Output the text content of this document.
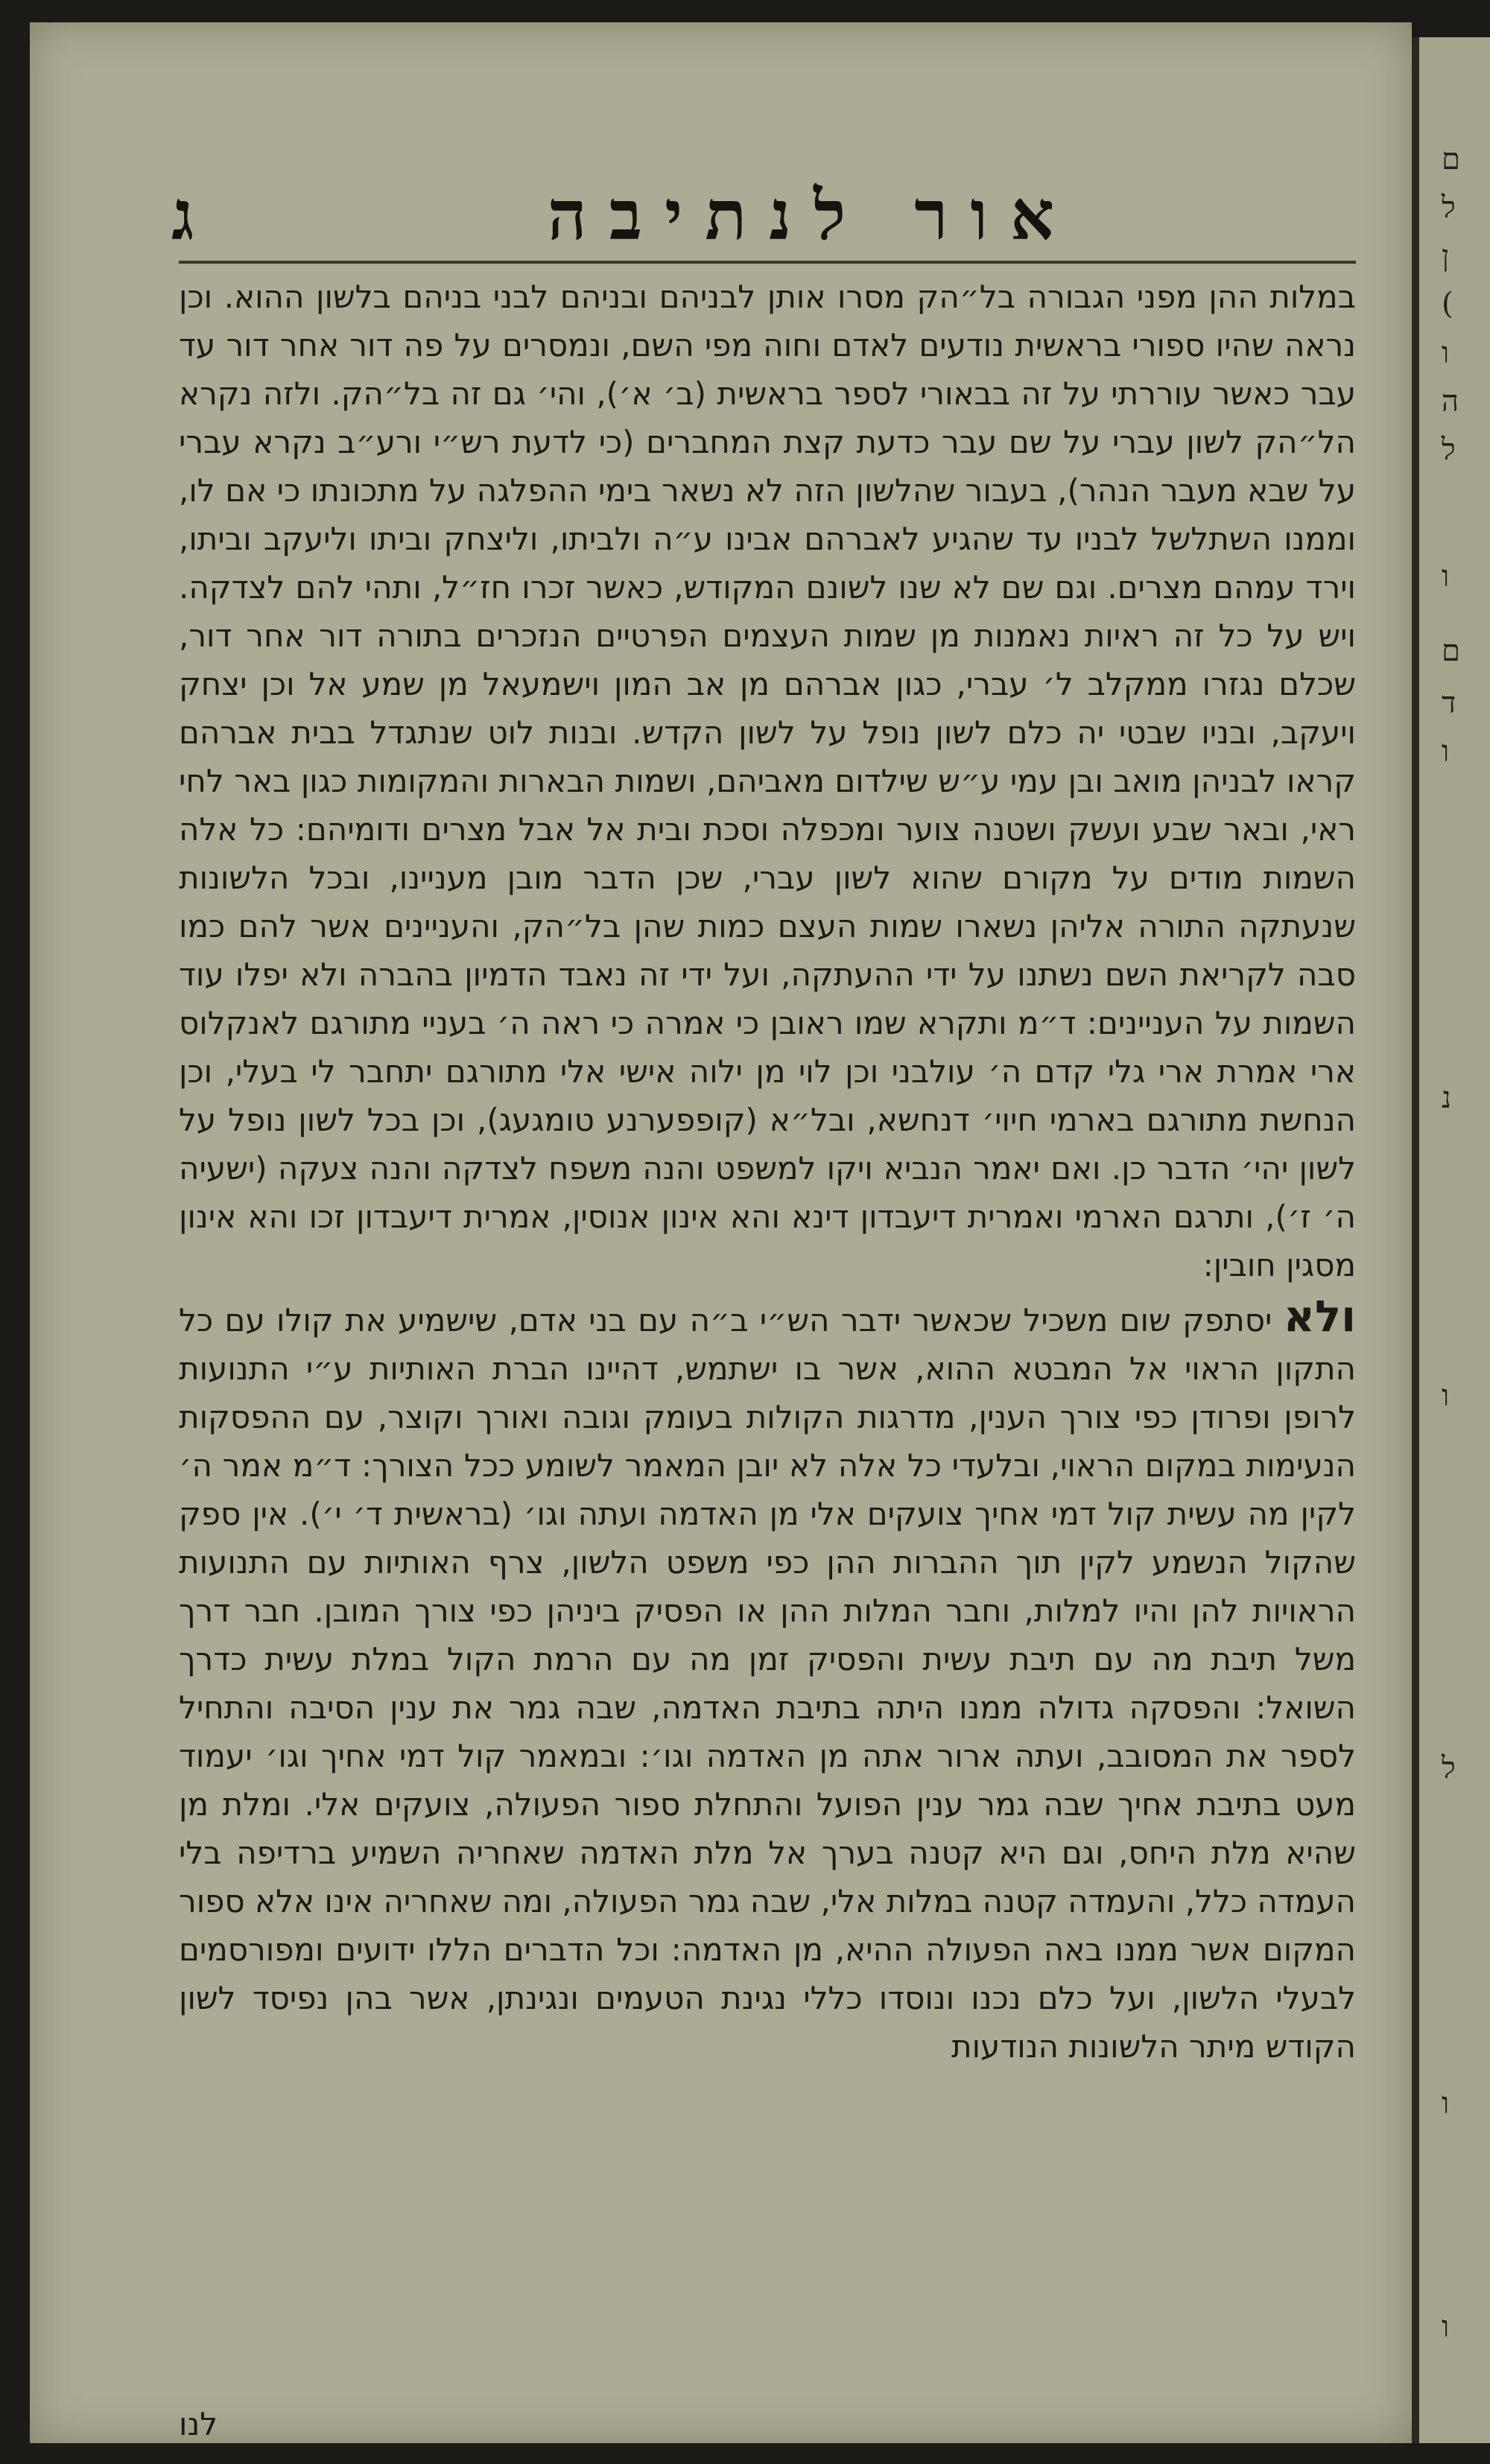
ם
ל
ן
(
ו
ה
ל
ו
ם
ד
ו
נ
ו
ל
ו
ו
אור לנתיבה
ג

במלות ההן מפני הגבורה בל״הק מסרו אותן לבניהם ובניהם לבני בניהם בלשון ההוא. וכן נראה שהיו ספורי בראשית נודעים לאדם וחוה מפי השם, ונמסרים על פה דור אחר דור עד עבר כאשר עוררתי על זה בבאורי לספר בראשית (ב׳ א׳), והי׳ גם זה בל״הק. ולזה נקרא הל״הק לשון עברי על שם עבר כדעת קצת המחברים (כי לדעת רש״י ורע״ב נקרא עברי על שבא מעבר הנהר), בעבור שהלשון הזה לא נשאר בימי ההפלגה על מתכונתו כי אם לו, וממנו השתלשל לבניו עד שהגיע לאברהם אבינו ע״ה ולביתו, וליצחק וביתו וליעקב וביתו, וירד עמהם מצרים. וגם שם לא שנו לשונם המקודש, כאשר זכרו חז״ל, ותהי להם לצדקה. ויש על כל זה ראיות נאמנות מן שמות העצמים הפרטיים הנזכרים בתורה דור אחר דור, שכלם נגזרו ממקלב ל׳ עברי, כגון אברהם מן אב המון וישמעאל מן שמע אל וכן יצחק ויעקב, ובניו שבטי יה כלם לשון נופל על לשון הקדש. ובנות לוט שנתגדל בבית אברהם קראו לבניהן מואב ובן עמי ע״ש שילדום מאביהם, ושמות הבארות והמקומות כגון באר לחי ראי, ובאר שבע ועשק ושטנה צוער ומכפלה וסכת ובית אל אבל מצרים ודומיהם: כל אלה השמות מודים על מקורם שהוא לשון עברי, שכן הדבר מובן מעניינו, ובכל הלשונות שנעתקה התורה אליהן נשארו שמות העצם כמות שהן בל״הק, והעניינים אשר להם כמו סבה לקריאת השם נשתנו על ידי ההעתקה, ועל ידי זה נאבד הדמיון בהברה ולא יפלו עוד השמות על העניינים: ד״מ ותקרא שמו ראובן כי אמרה כי ראה ה׳ בעניי מתורגם לאנקלוס ארי אמרת ארי גלי קדם ה׳ עולבני וכן לוי מן ילוה אישי אלי מתורגם יתחבר לי בעלי, וכן הנחשת מתורגם בארמי חיוי׳ דנחשא, ובל״א (קופפערנע טומגעג), וכן בכל לשון נופל על לשון יהי׳ הדבר כן. ואם יאמר הנביא ויקו למשפט והנה משפח לצדקה והנה צעקה (ישעיה ה׳ ז׳), ותרגם הארמי ואמרית דיעבדון דינא והא אינון אנוסין, אמרית דיעבדון זכו והא אינון מסגין חובין:

ולא יסתפק שום משכיל שכאשר ידבר הש״י ב״ה עם בני אדם, שישמיע את קולו עם כל התקון הראוי אל המבטא ההוא, אשר בו ישתמש, דהיינו הברת האותיות ע״י התנועות לרופן ופרודן כפי צורך הענין, מדרגות הקולות בעומק וגובה ואורך וקוצר, עם ההפסקות הנעימות במקום הראוי, ובלעדי כל אלה לא יובן המאמר לשומע ככל הצורך: ד״מ אמר ה׳ לקין מה עשית קול דמי אחיך צועקים אלי מן האדמה ועתה וגו׳ (בראשית ד׳ י׳). אין ספק שהקול הנשמע לקין תוך ההברות ההן כפי משפט הלשון, צרף האותיות עם התנועות הראויות להן והיו למלות, וחבר המלות ההן או הפסיק ביניהן כפי צורך המובן. חבר דרך משל תיבת מה עם תיבת עשית והפסיק זמן מה עם הרמת הקול במלת עשית כדרך השואל: והפסקה גדולה ממנו היתה בתיבת האדמה, שבה גמר את ענין הסיבה והתחיל לספר את המסובב, ועתה ארור אתה מן האדמה וגו׳: ובמאמר קול דמי אחיך וגו׳ יעמוד מעט בתיבת אחיך שבה גמר ענין הפועל והתחלת ספור הפעולה, צועקים אלי. ומלת מן שהיא מלת היחס, וגם היא קטנה בערך אל מלת האדמה שאחריה השמיע ברדיפה בלי העמדה כלל, והעמדה קטנה במלות אלי, שבה גמר הפעולה, ומה שאחריה אינו אלא ספור המקום אשר ממנו באה הפעולה ההיא, מן האדמה: וכל הדברים הללו ידועים ומפורסמים לבעלי הלשון, ועל כלם נכנו ונוסדו כללי נגינת הטעמים ונגינתן, אשר בהן נפיסד לשון הקודש מיתר הלשונות הנודעות

לנו
